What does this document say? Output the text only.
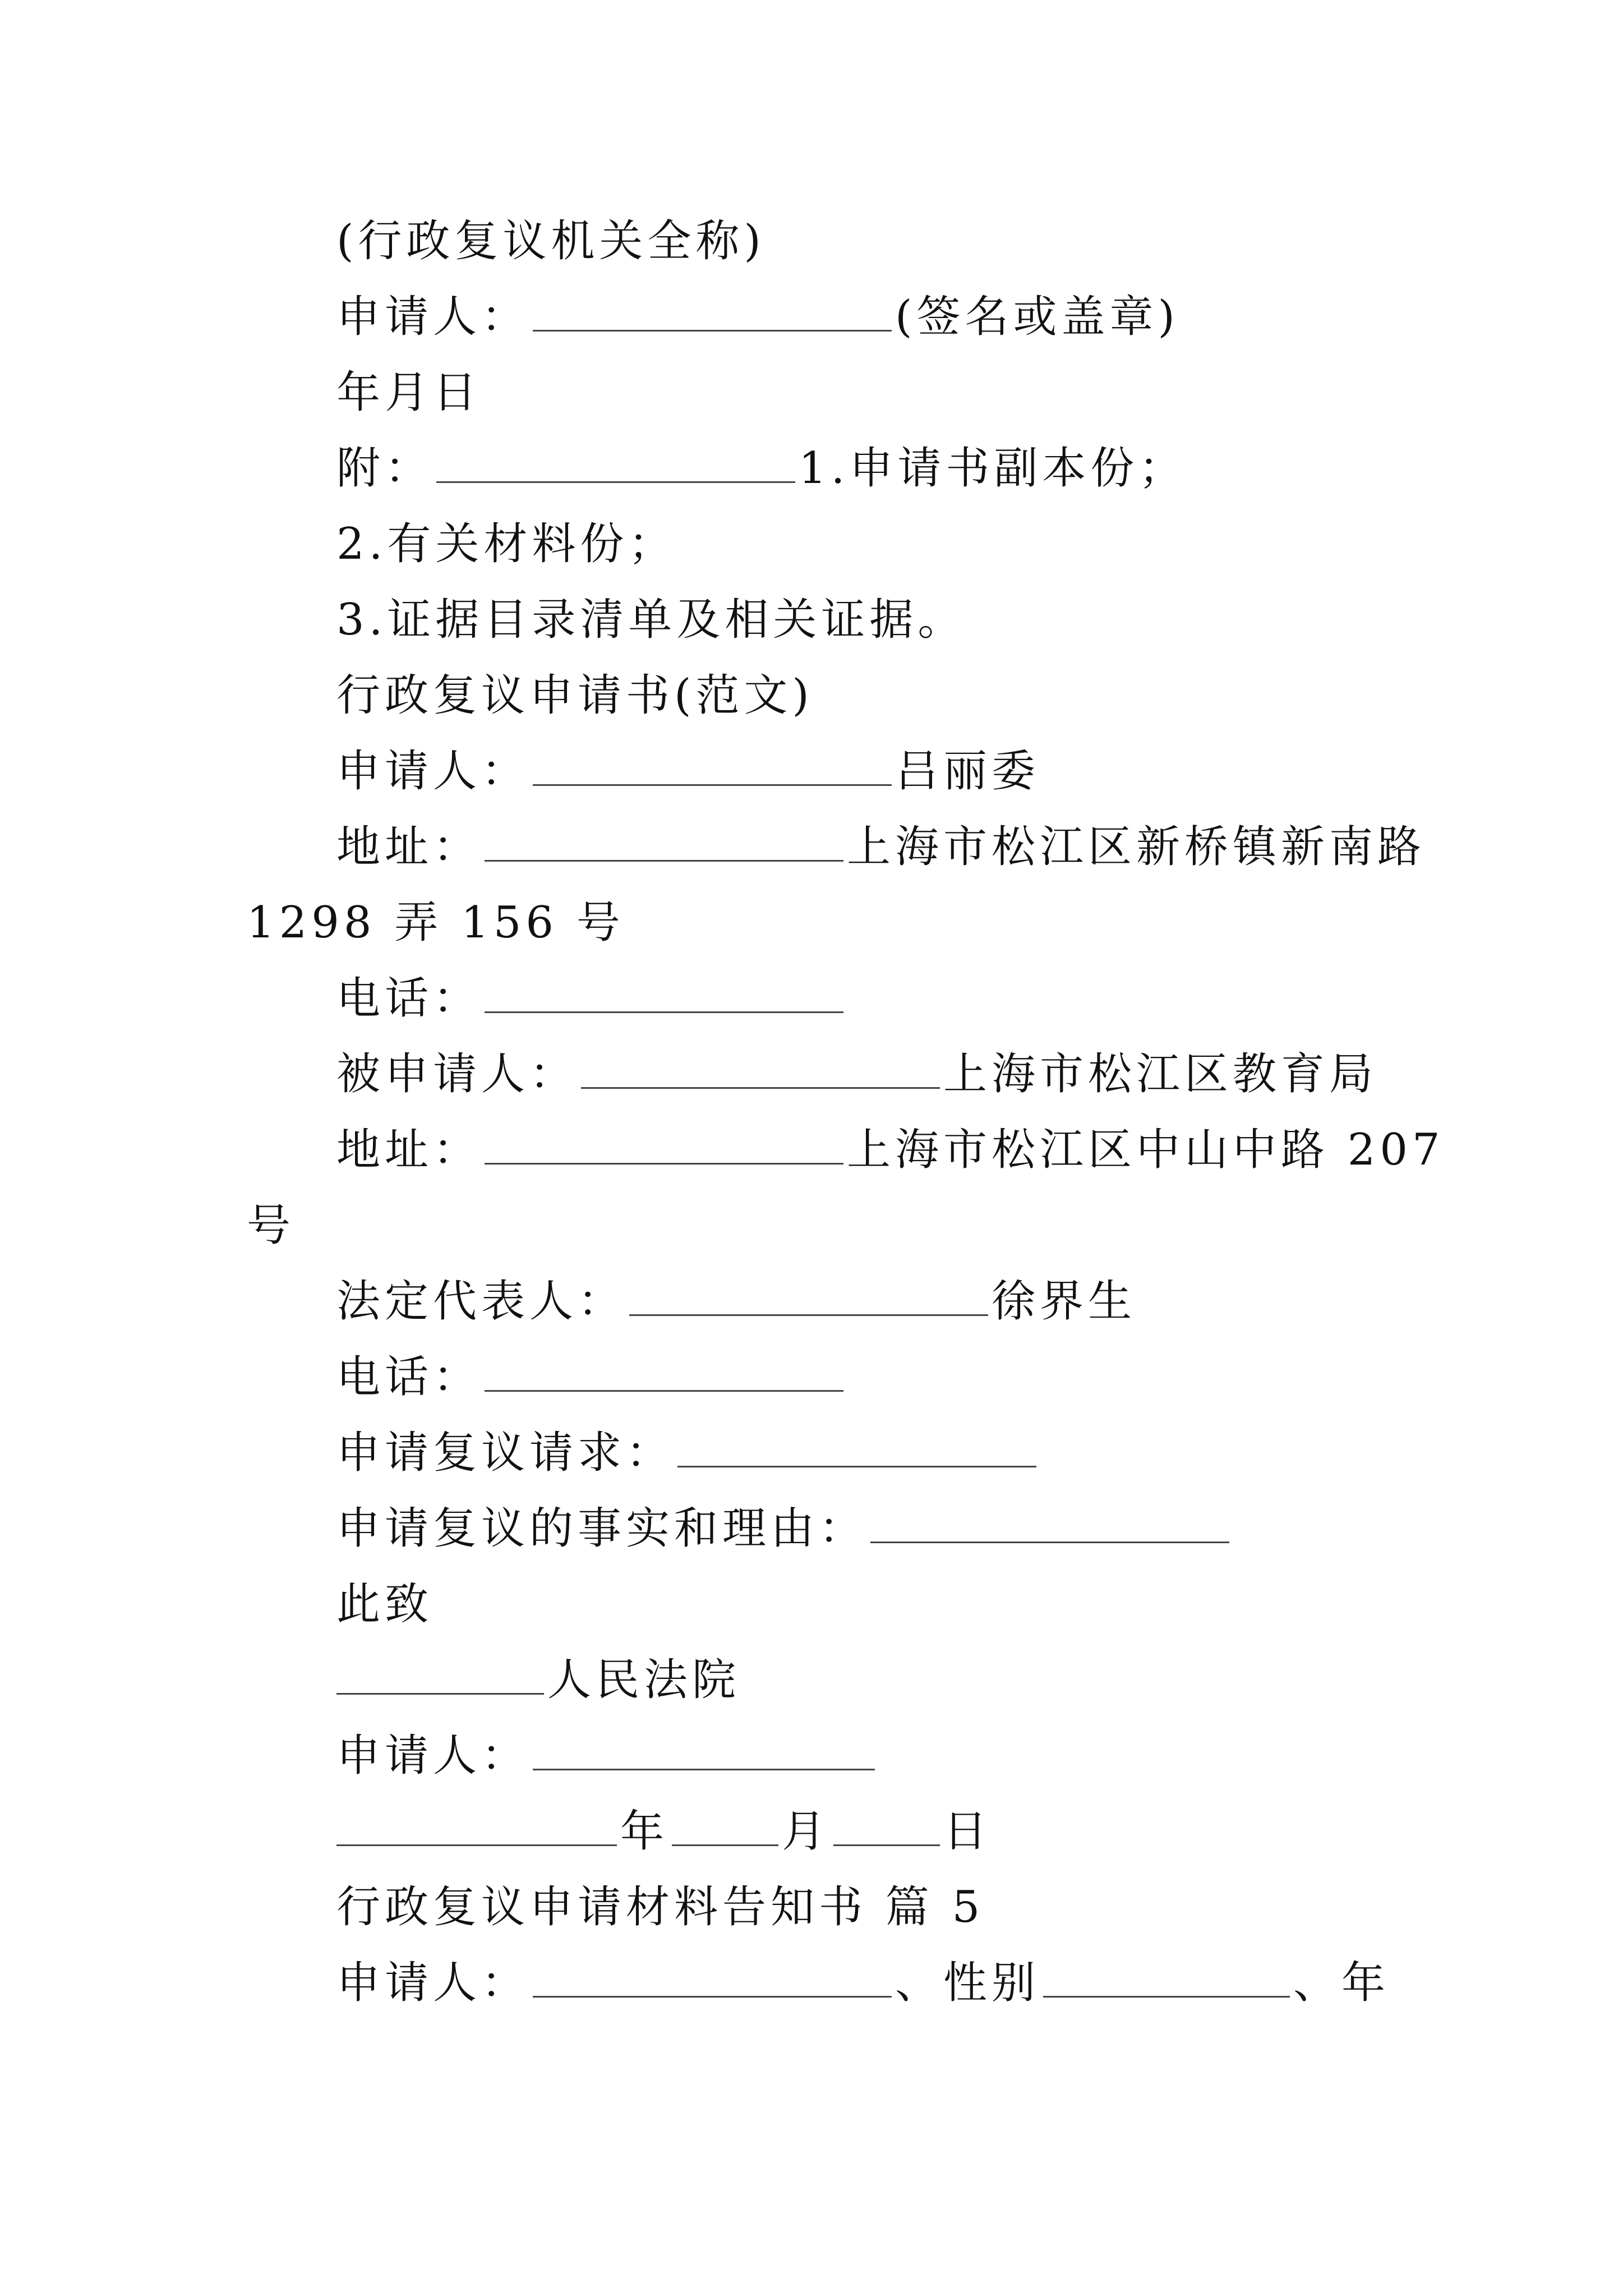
(行政复议机关全称)
申请人：	(签名或盖章)
年月日
附：	1.申请书副本份；
2.有关材料份；
3.证据目录清单及相关证据。
行政复议申请书(范文)
申请人：	吕丽委
地址：	上海市松江区新桥镇新南路
1298 弄 156 号
电话：
被申请人：	上海市松江区教育局
地址：	上海市松江区中山中路 207
号
法定代表人：	徐界生
电话：
申请复议请求：
申请复议的事实和理由：
此致
人民法院
申请人：
年	月	日
行政复议申请材料告知书 篇 5
申请人：	、性别	、年
